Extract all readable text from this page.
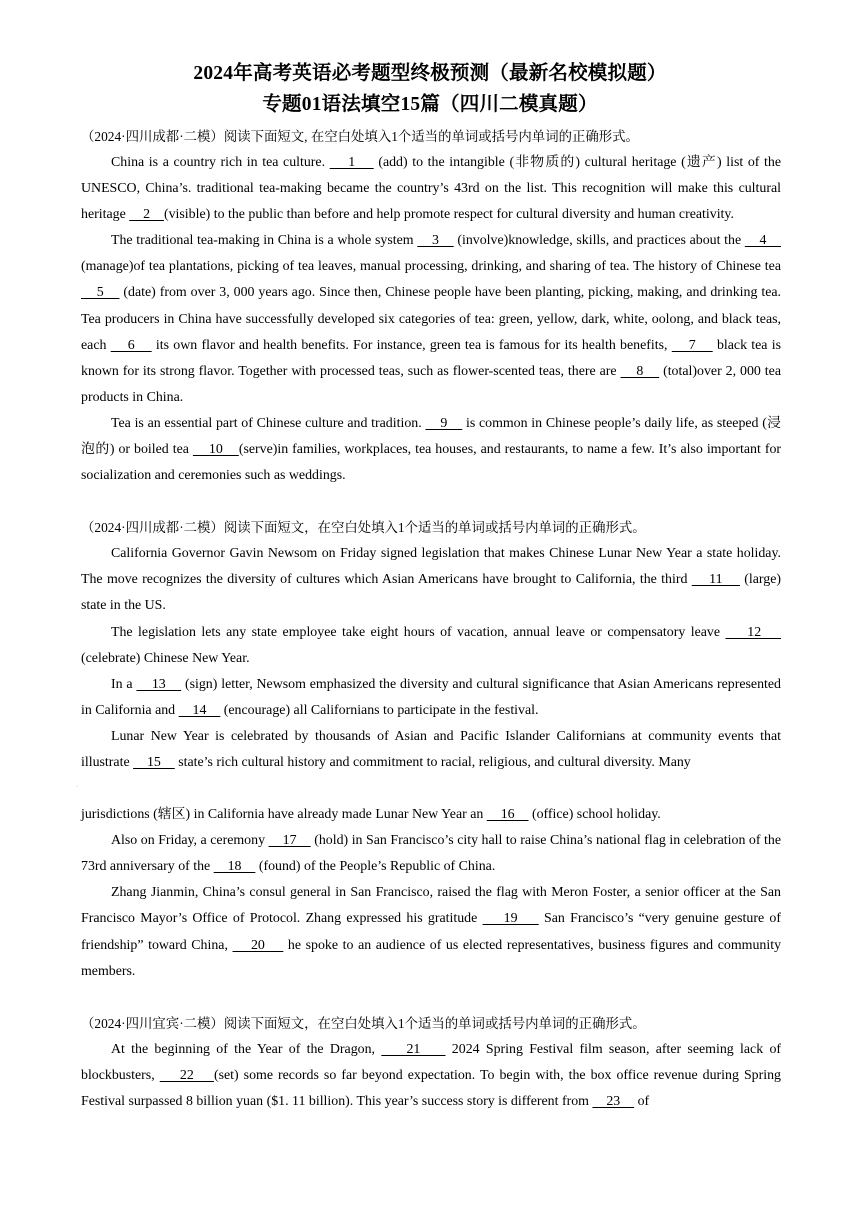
2024年高考英语必考题型终极预测（最新名校模拟题）
专题01语法填空15篇（四川二模真题）

（2024·四川成都·二模）阅读下面短文, 在空白处填入1个适当的单词或括号内单词的正确形式。

China is a country rich in tea culture.     1     (add) to the intangible (非物质的) cultural heritage (遗产) list of the UNESCO, China’s. traditional tea-making became the country’s 43rd on the list. This recognition will make this cultural heritage     2    (visible) to the public than before and help promote respect for cultural diversity and human creativity.

The traditional tea-making in China is a whole system     3     (involve)knowledge, skills, and practices about the     4     (manage)of tea plantations, picking of tea leaves, manual processing, drinking, and sharing of tea. The history of Chinese tea     5     (date) from over 3, 000 years ago. Since then, Chinese people have been planting, picking, making, and drinking tea. Tea producers in China have successfully developed six categories of tea: green, yellow, dark, white, oolong, and black teas, each     6     its own flavor and health benefits. For instance, green tea is famous for its health benefits,     7     black tea is known for its strong flavor. Together with processed teas, such as flower-scented teas, there are     8     (total)over 2, 000 tea products in China.

Tea is an essential part of Chinese culture and tradition.     9     is common in Chinese people’s daily life, as steeped (浸泡的) or boiled tea     10    (serve)in families, workplaces, tea houses, and restaurants, to name a few. It’s also important for socialization and ceremonies such as weddings.

（2024·四川成都·二模）阅读下面短文，在空白处填入1个适当的单词或括号内单词的正确形式。

California Governor Gavin Newsom on Friday signed legislation that makes Chinese Lunar New Year a state holiday. The move recognizes the diversity of cultures which Asian Americans have brought to California, the third     11     (large) state in the US.

The legislation lets any state employee take eight hours of vacation, annual leave or compensatory leave     12     (celebrate) Chinese New Year.

In a     13     (sign) letter, Newsom emphasized the diversity and cultural significance that Asian Americans represented in California and     14     (encourage) all Californians to participate in the festival.

Lunar New Year is celebrated by thousands of Asian and Pacific Islander Californians at community events that illustrate     15     state’s rich cultural history and commitment to racial, religious, and cultural diversity. Many

·

jurisdictions (辖区) in California have already made Lunar New Year an     16     (office) school holiday.

Also on Friday, a ceremony     17     (hold) in San Francisco’s city hall to raise China’s national flag in celebration of the 73rd anniversary of the     18     (found) of the People’s Republic of China.

Zhang Jianmin, China’s consul general in San Francisco, raised the flag with Meron Foster, a senior officer at the San Francisco Mayor’s Office of Protocol. Zhang expressed his gratitude     19     San Francisco’s “very genuine gesture of friendship” toward China,     20     he spoke to an audience of us elected representatives, business figures and community members.

（2024·四川宜宾·二模）阅读下面短文，在空白处填入1个适当的单词或括号内单词的正确形式。

At the beginning of the Year of the Dragon,     21     2024 Spring Festival film season, after seeming lack of blockbusters,     22    (set) some records so far beyond expectation. To begin with, the box office revenue during Spring Festival surpassed 8 billion yuan ($1. 11 billion). This year’s success story is different from     23     of
